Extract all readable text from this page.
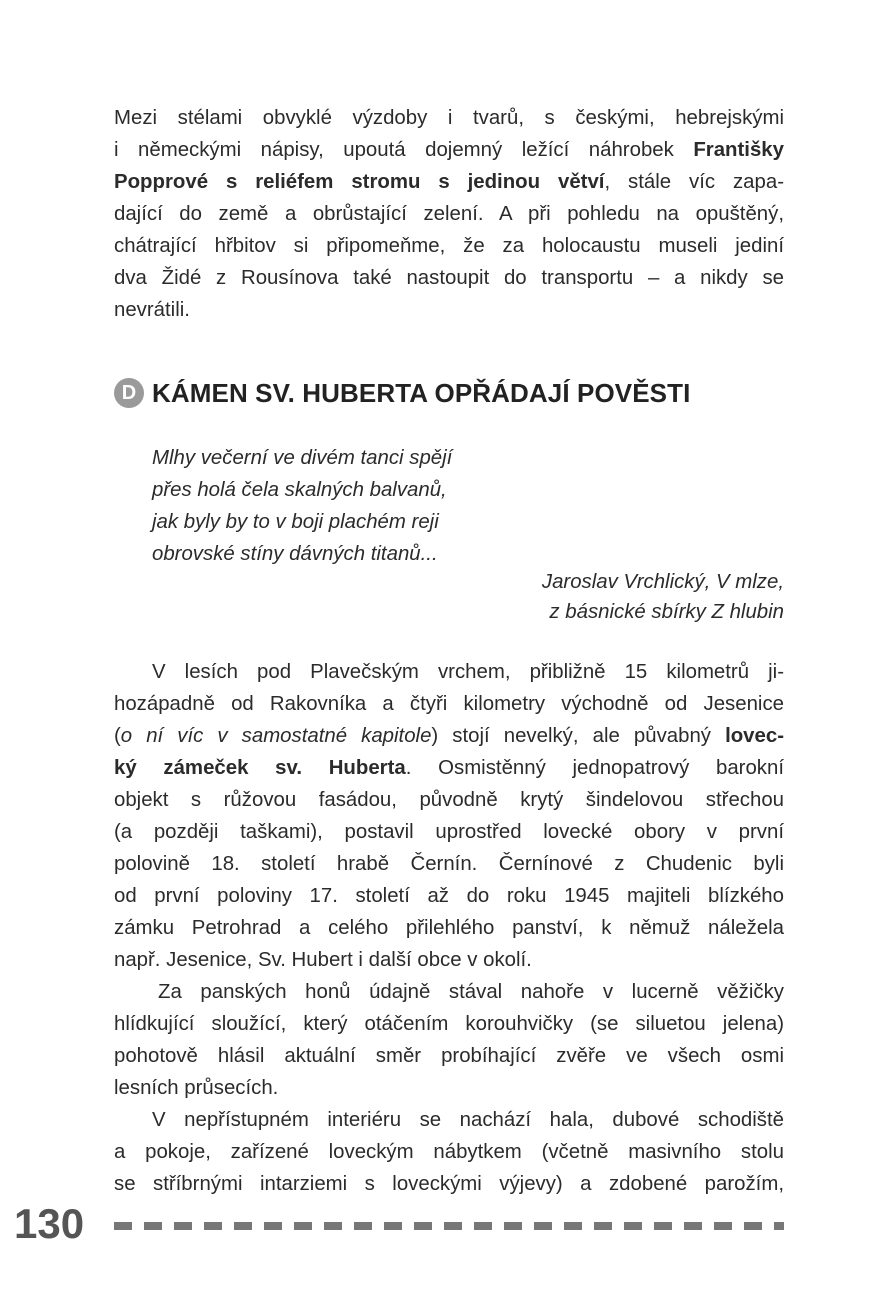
Mezi stélami obvyklé výzdoby i tvarů, s českými, hebrejskými

i německými nápisy, upoutá dojemný ležící náhrobek Františky

Popprové s reliéfem stromu s jedinou větví, stále víc zapa-

dající do země a obrůstající zelení. A při pohledu na opuštěný,

chátrající hřbitov si připomeňme, že za holocaustu museli jediní

dva Židé z Rousínova také nastoupit do transportu – a nikdy se

nevrátili.

D KÁMEN SV. HUBERTA OPŘÁDAJÍ POVĚSTI

Mlhy večerní ve divém tanci spějí

přes holá čela skalných balvanů,

jak byly by to v boji plachém reji

obrovské stíny dávných titanů...

Jaroslav Vrchlický, V mlze,

z básnické sbírky Z hlubin

V lesích pod Plavečským vrchem, přibližně 15 kilometrů ji-

hozápadně od Rakovníka a čtyři kilometry východně od Jesenice

(o ní víc v samostatné kapitole) stojí nevelký, ale půvabný lovec-

ký zámeček sv. Huberta. Osmistěnný jednopatrový barokní

objekt s růžovou fasádou, původně krytý šindelovou střechou

(a později taškami), postavil uprostřed lovecké obory v první

polovině 18. století hrabě Černín. Černínové z Chudenic byli

od první poloviny 17. století až do roku 1945 majiteli blízkého

zámku Petrohrad a celého přilehlého panství, k němuž náležela

např. Jesenice, Sv. Hubert i další obce v okolí.

Za panských honů údajně stával nahoře v lucerně věžičky

hlídkující sloužící, který otáčením korouhvičky (se siluetou jelena)

pohotově hlásil aktuální směr probíhající zvěře ve všech osmi

lesních průsecích.

V nepřístupném interiéru se nachází hala, dubové schodiště

a pokoje, zařízené loveckým nábytkem (včetně masivního stolu

se stříbrnými intarziemi s loveckými výjevy) a zdobené parožím,

130
